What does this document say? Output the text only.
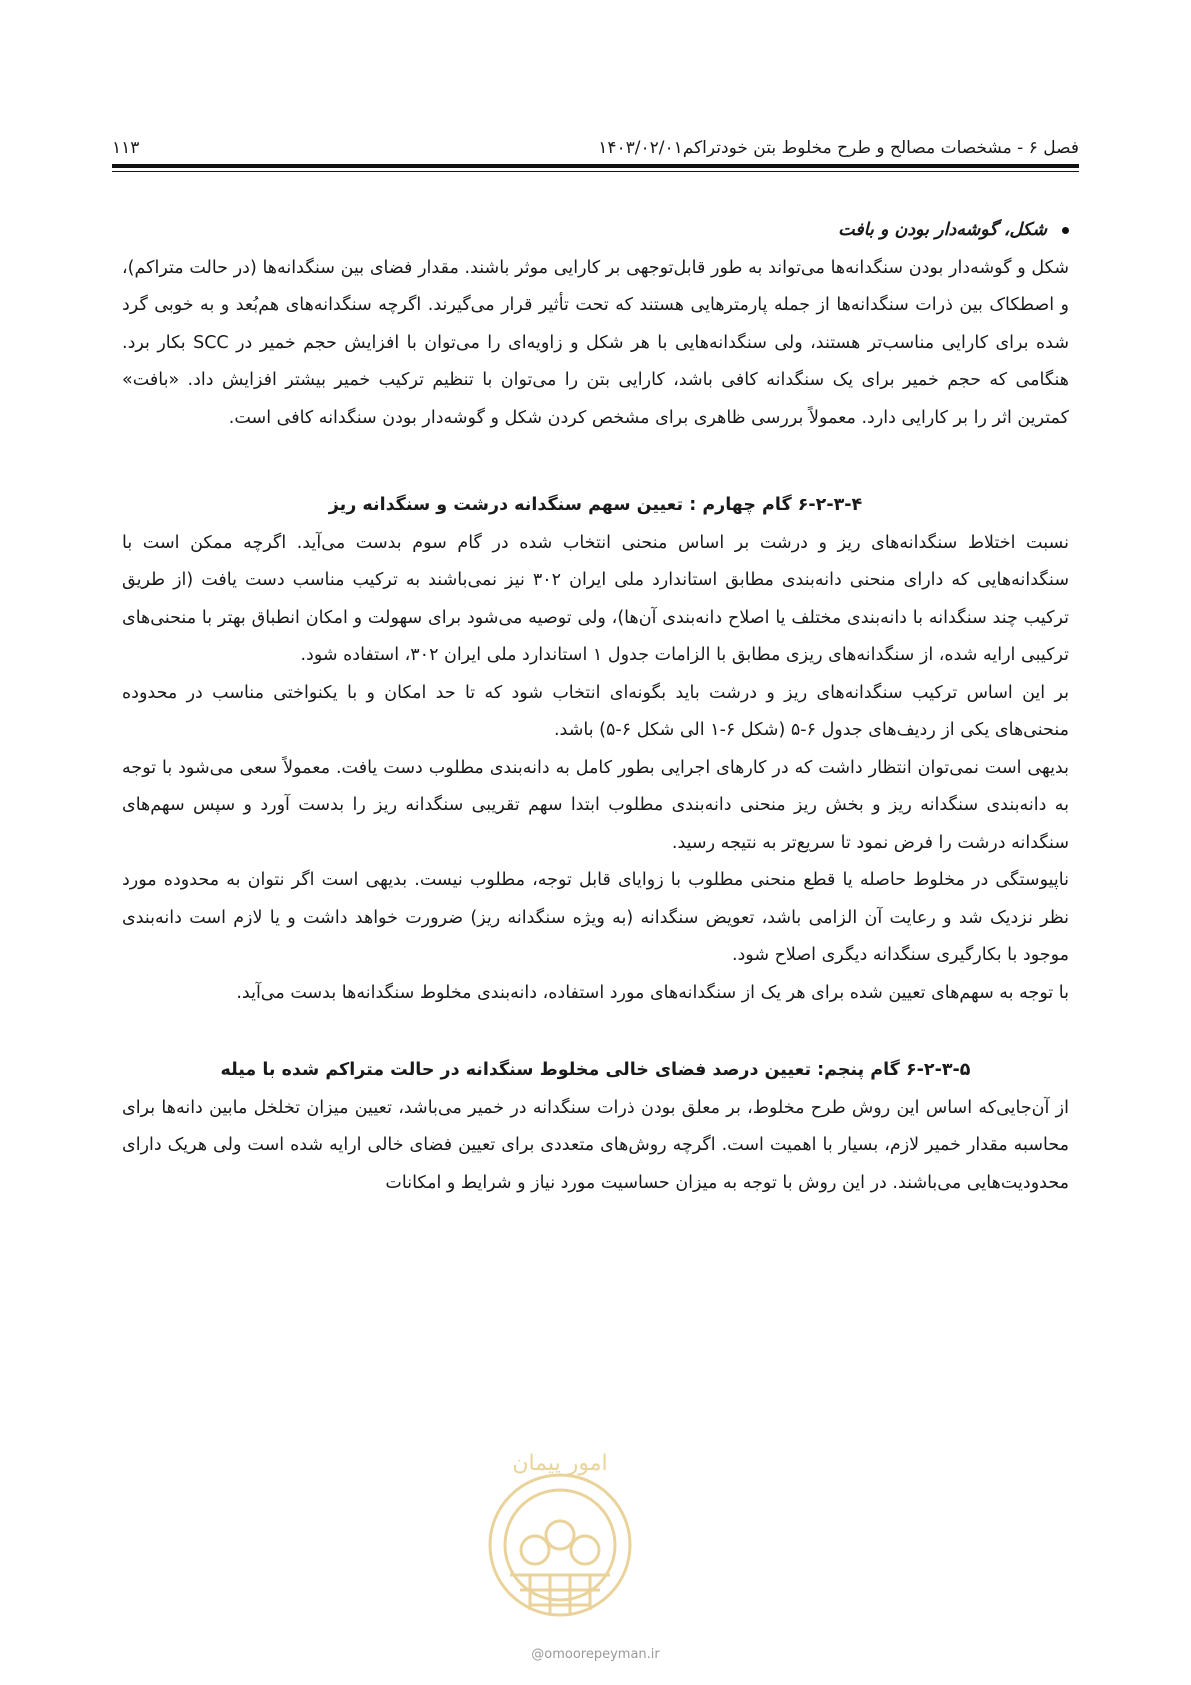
فصل ۶ - مشخصات مصالح و طرح مخلوط بتن خودتراکم۱۴۰۳/۰۲/۰۱
۱۱۳

شکل، گوشه‌دار بودن و بافت

شکل و گوشه‌دار بودن سنگدانه‌ها می‌تواند به طور قابل‌توجهی بر کارایی موثر باشند. مقدار فضای بین سنگدانه‌ها (در حالت متراکم)، و اصطکاک بین ذرات سنگدانه‌ها از جمله پارمترهایی هستند که تحت تأثیر قرار می‌گیرند. اگرچه سنگدانه‌های هم‌بُعد و به خوبی گرد شده برای کارایی مناسب‌تر هستند، ولی سنگدانه‌هایی با هر شکل و زاویه‌ای را می‌توان با افزایش حجم خمیر در SCC بکار برد. هنگامی که حجم خمیر برای یک سنگدانه کافی باشد، کارایی بتن را می‌توان با تنظیم ترکیب خمیر بیشتر افزایش داد. «بافت» کمترین اثر را بر کارایی دارد. معمولاً بررسی ظاهری برای مشخص کردن شکل و گوشه‌دار بودن سنگدانه کافی است.

۶-۲-۳-۴ گام چهارم : تعیین سهم سنگدانه درشت و سنگدانه ریز

نسبت اختلاط سنگدانه‌های ریز و درشت بر اساس منحنی انتخاب شده در گام سوم بدست می‌آید. اگرچه ممکن است با سنگدانه‌هایی که دارای منحنی دانه‌بندی مطابق استاندارد ملی ایران ۳۰۲ نیز نمی‌باشند به ترکیب مناسب دست یافت (از طریق ترکیب چند سنگدانه با دانه‌بندی مختلف یا اصلاح دانه‌بندی آن‌ها)، ولی توصیه می‌شود برای سهولت و امکان انطباق بهتر با منحنی‌های ترکیبی ارایه شده، از سنگدانه‌های ریزی مطابق با الزامات جدول ۱ استاندارد ملی ایران ۳۰۲، استفاده شود.

بر این اساس ترکیب سنگدانه‌های ریز و درشت باید بگونه‌ای انتخاب شود که تا حد امکان و با یکنواختی مناسب در محدوده منحنی‌های یکی از ردیف‌های جدول ۶-۵ (شکل ۶-۱ الی شکل ۶-۵) باشد.

بدیهی است نمی‌توان انتظار داشت که در کارهای اجرایی بطور کامل به دانه‌بندی مطلوب دست یافت. معمولاً سعی می‌شود با توجه به دانه‌بندی سنگدانه ریز و بخش ریز منحنی دانه‌بندی مطلوب ابتدا سهم تقریبی سنگدانه ریز را بدست آورد و سپس سهم‌های سنگدانه درشت را فرض نمود تا سریع‌تر به نتیجه رسید.

ناپیوستگی در مخلوط حاصله یا قطع منحنی مطلوب با زوایای قابل توجه، مطلوب نیست. بدیهی است اگر نتوان به محدوده مورد نظر نزدیک شد و رعایت آن الزامی باشد، تعویض سنگدانه (به ویژه سنگدانه ریز) ضرورت خواهد داشت و یا لازم است دانه‌بندی موجود با بکارگیری سنگدانه دیگری اصلاح شود.

با توجه به سهم‌های تعیین شده برای هر یک از سنگدانه‌های مورد استفاده، دانه‌بندی مخلوط سنگدانه‌ها بدست می‌آید.

۶-۲-۳-۵ گام پنجم: تعیین درصد فضای خالی مخلوط سنگدانه در حالت متراکم شده با میله

از آن‌جایی‌که اساس این روش طرح مخلوط، بر معلق بودن ذرات سنگدانه در خمیر می‌باشد، تعیین میزان تخلخل مابین دانه‌ها برای محاسبه مقدار خمیر لازم، بسیار با اهمیت است. اگرچه روش‌های متعددی برای تعیین فضای خالی ارایه شده است ولی هریک دارای محدودیت‌هایی می‌باشند. در این روش با توجه به میزان حساسیت مورد نیاز و شرایط و امکانات

امور پیمان
@omoorepeyman.ir
